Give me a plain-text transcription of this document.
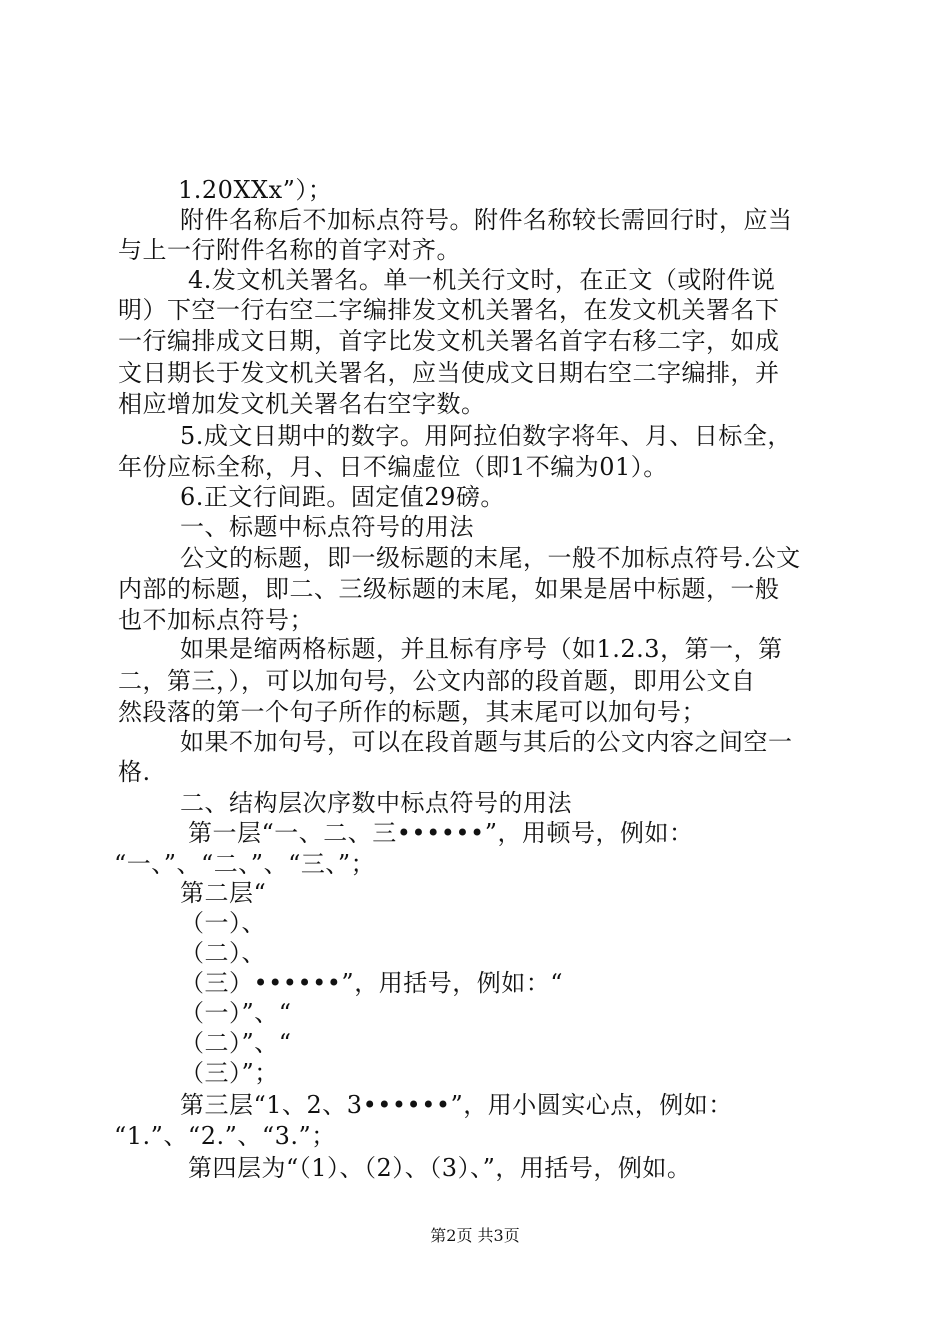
1.20XXx”）；
附件名称后不加标点符号。附件名称较长需回行时，应当
与上一行附件名称的首字对齐。
4.发文机关署名。单一机关行文时，在正文（或附件说
明）下空一行右空二字编排发文机关署名，在发文机关署名下
一行编排成文日期，首字比发文机关署名首字右移二字，如成
文日期长于发文机关署名，应当使成文日期右空二字编排，并
相应增加发文机关署名右空字数。
5.成文日期中的数字。用阿拉伯数字将年、月、日标全，
年份应标全称，月、日不编虚位（即1不编为01）。
6.正文行间距。固定值29磅。
一、标题中标点符号的用法
公文的标题，即一级标题的末尾，一般不加标点符号.公文
内部的标题，即二、三级标题的末尾，如果是居中标题，一般
也不加标点符号；
如果是缩两格标题，并且标有序号（如1.2.3，第一，第
二，第三，），可以加句号，公文内部的段首题，即用公文自
然段落的第一个句子所作的标题，其末尾可以加句号；
如果不加句号，可以在段首题与其后的公文内容之间空一
格.
二、结构层次序数中标点符号的用法
第一层“一、二、三••••••”，用顿号，例如：
“一、”、“二、”、“三、”；
第二层“
（一）、
（二）、
（三）••••••”，用括号，例如：“
（一）”、“
（二）”、“
（三）”；
第三层“1、2、3••••••”，用小圆实心点，例如：
“1.”、“2.”、“3.”；
第四层为“（1）、（2）、（3）、”，用括号，例如。
第2页 共3页
